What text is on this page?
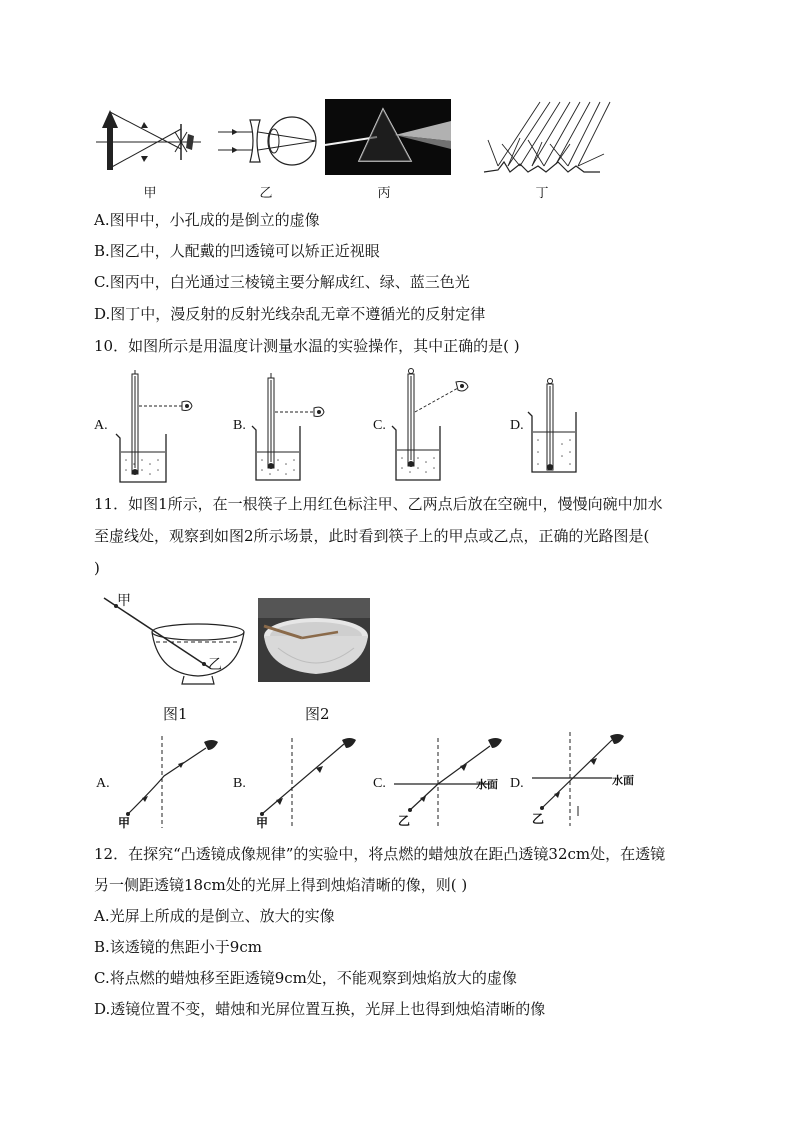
甲	乙	丙	丁
A.图甲中，小孔成的是倒立的虚像
B.图乙中，人配戴的凹透镜可以矫正近视眼
C.图丙中，白光通过三棱镜主要分解成红、绿、蓝三色光
D.图丁中，漫反射的反射光线杂乱无章不遵循光的反射定律
10．如图所示是用温度计测量水温的实验操作，其中正确的是( )
A.	B.	C.	D.
11．如图1所示，在一根筷子上用红色标注甲、乙两点后放在空碗中，慢慢向碗中加水
至虚线处，观察到如图2所示场景，此时看到筷子上的甲点或乙点，正确的光路图是(
)
甲
乙
图1	图2
A.
甲
B.
甲
C.
乙
水面 D.
乙
水面
12．在探究“凸透镜成像规律”的实验中，将点燃的蜡烛放在距凸透镜32cm处，在透镜
另一侧距透镜18cm处的光屏上得到烛焰清晰的像，则( )
A.光屏上所成的是倒立、放大的实像
B.该透镜的焦距小于9cm
C.将点燃的蜡烛移至距透镜9cm处，不能观察到烛焰放大的虚像
D.透镜位置不变，蜡烛和光屏位置互换，光屏上也得到烛焰清晰的像
